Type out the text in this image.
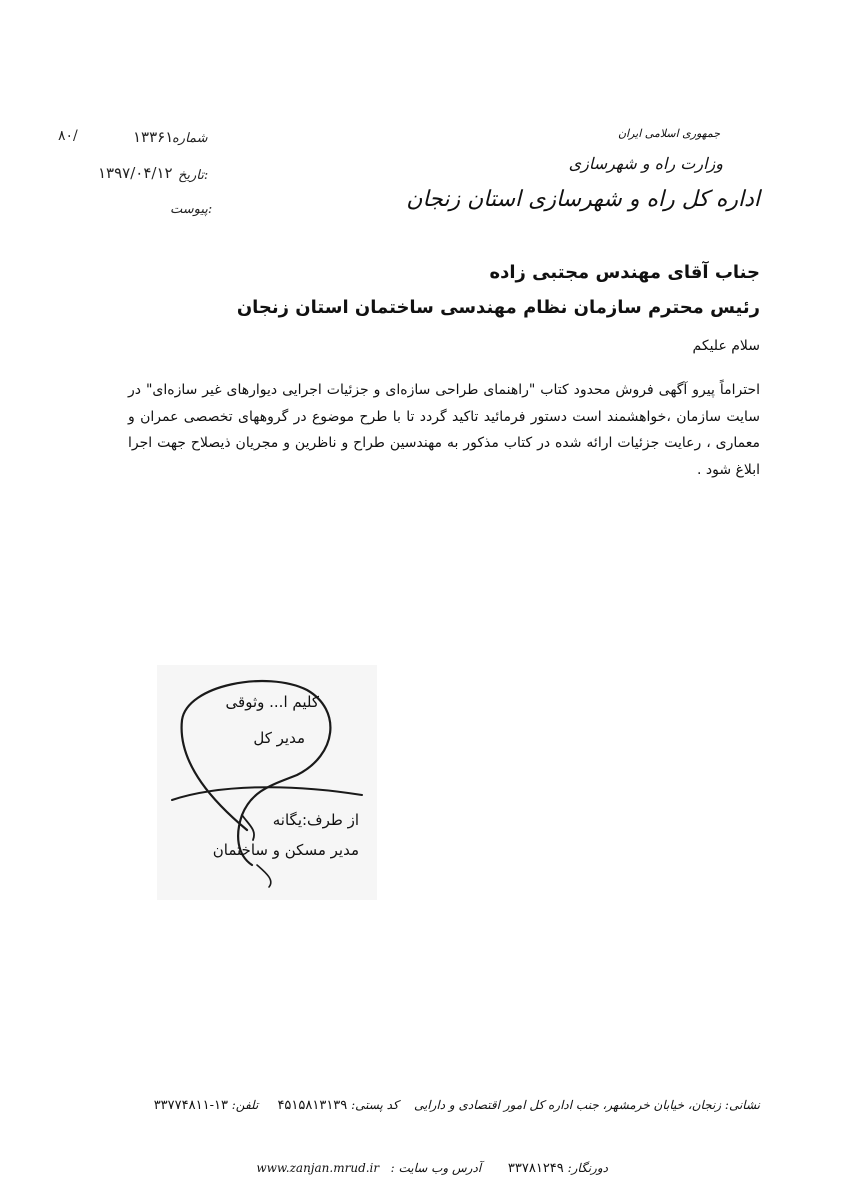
۸۰/	۱۳۳۶۱
شماره
۱۳۹۷/۰۴/۱۲ تاریخ:
پیوست:
جمهوری اسلامی ایران
وزارت راه و شهرسازی
اداره کل راه و شهرسازی استان زنجان
جناب آقای مهندس مجتبی زاده
رئیس محترم سازمان نظام مهندسی ساختمان استان زنجان
سلام علیکم
احتراماً پیرو آگهی فروش محدود کتاب "راهنمای طراحی سازه‌ای و جزئیات اجرایی دیوارهای غیر سازه‌ای" در سایت سازمان ،خواهشمند است دستور فرمائید تاکید گردد تا با طرح موضوع در گروههای تخصصی عمران و معماری ، رعایت جزئیات ارائه شده در کتاب مذکور به مهندسین طراح و ناظرین و مجریان ذیصلاح جهت اجرا ابلاغ شود .
کلیم ا... وثوقی
مدیر کل
از طرف:یگانه
مدیر مسکن و ساختمان
نشانی: زنجان، خیابان خرمشهر، جنب اداره کل امور اقتصادی و دارایی    کد پستی: ۴۵۱۵۸۱۳۱۳۹     تلفن: ۱۳-۳۳۷۷۴۸۱۱
دورنگار: ۳۳۷۸۱۲۴۹       آدرس وب سایت :   www.zanjan.mrud.ir
